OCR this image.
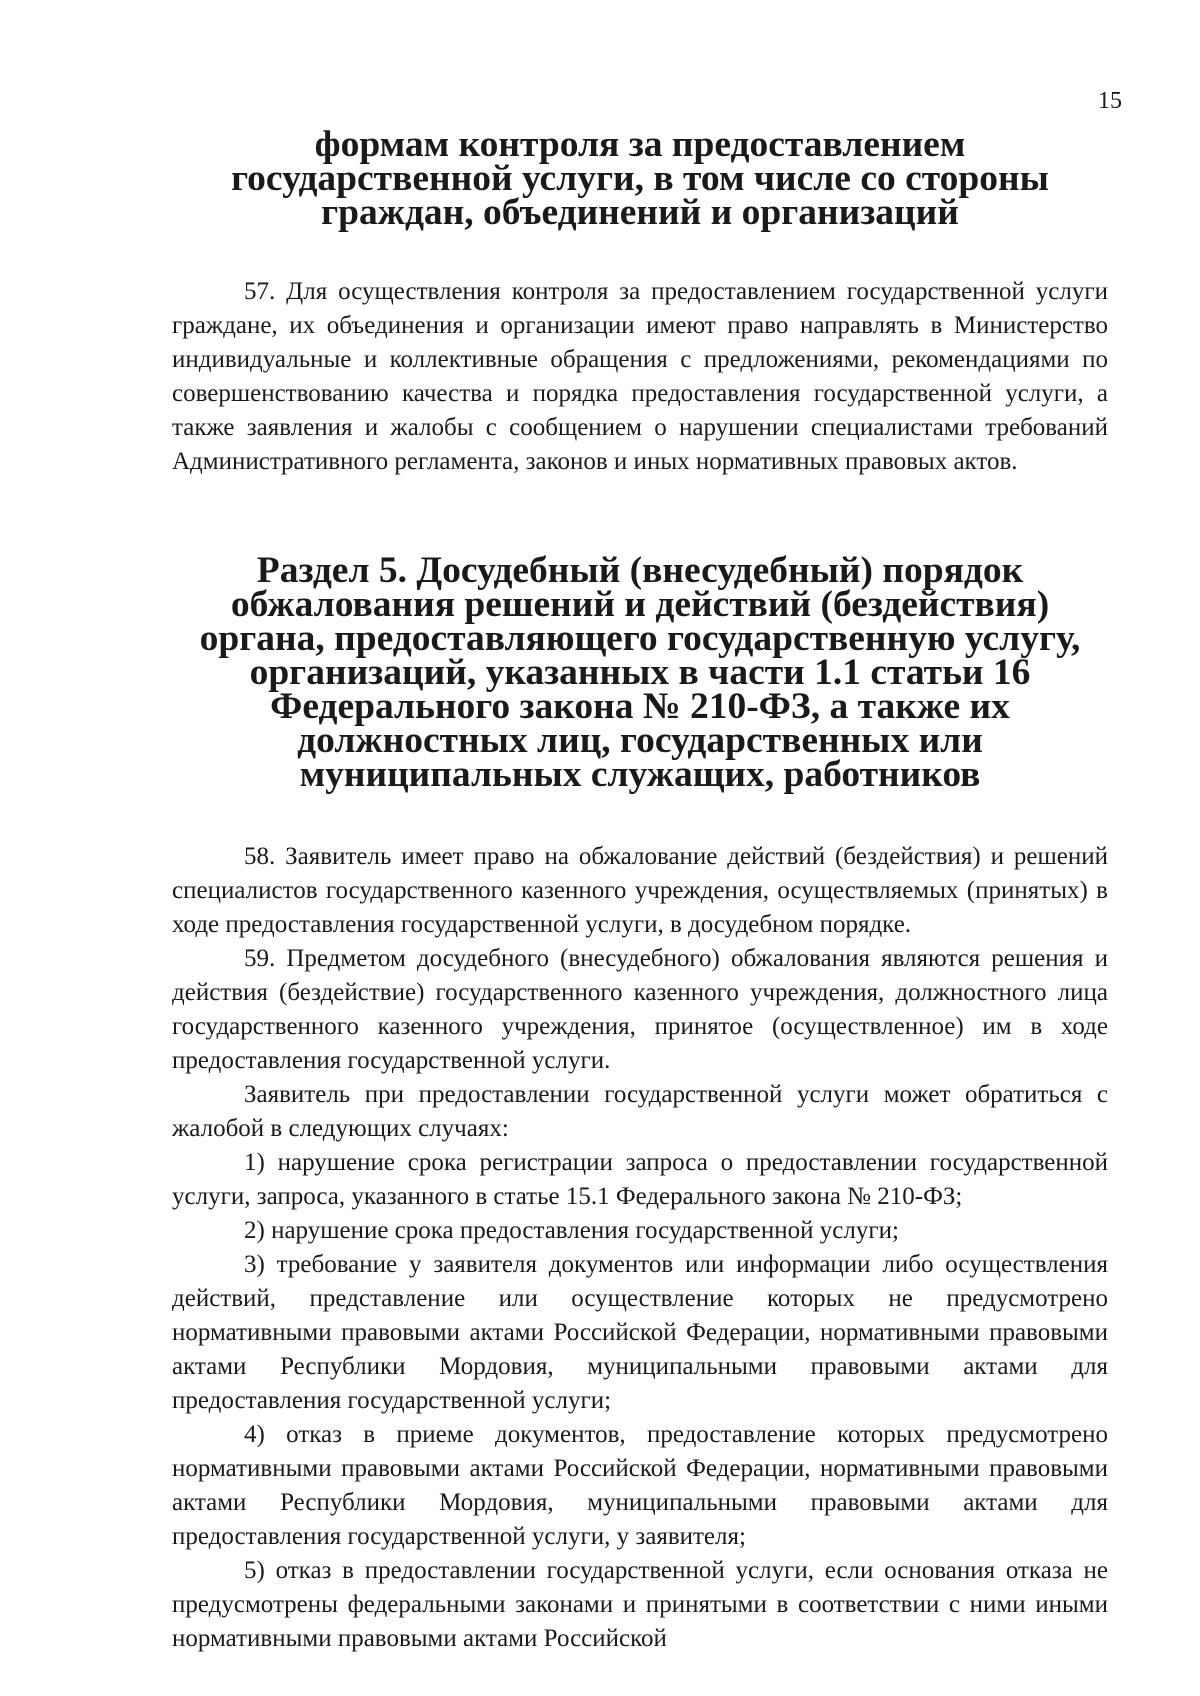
15
формам контроля за предоставлением государственной услуги, в том числе со стороны граждан, объединений и организаций

57. Для осуществления контроля за предоставлением государственной услуги граждане, их объединения и организации имеют право направлять в Министерство индивидуальные и коллективные обращения с предложениями, рекомендациями по совершенствованию качества и порядка предоставления государственной услуги, а также заявления и жалобы с сообщением о нарушении специалистами требований Административного регламента, законов и иных нормативных правовых актов.

Раздел 5. Досудебный (внесудебный) порядок обжалования решений и действий (бездействия) органа, предоставляющего государственную услугу, организаций, указанных в части 1.1 статьи 16 Федерального закона № 210-ФЗ, а также их должностных лиц, государственных или муниципальных служащих, работников

58. Заявитель имеет право на обжалование действий (бездействия) и решений специалистов государственного казенного учреждения, осуществляемых (принятых) в ходе предоставления государственной услуги, в досудебном порядке.

59. Предметом досудебного (внесудебного) обжалования являются решения и действия (бездействие) государственного казенного учреждения, должностного лица государственного казенного учреждения, принятое (осуществленное) им в ходе предоставления государственной услуги.

Заявитель при предоставлении государственной услуги может обратиться с жалобой в следующих случаях:

1) нарушение срока регистрации запроса о предоставлении государственной услуги, запроса, указанного в статье 15.1 Федерального закона № 210-ФЗ;

2) нарушение срока предоставления государственной услуги;

3) требование у заявителя документов или информации либо осуществления действий, представление или осуществление которых не предусмотрено нормативными правовыми актами Российской Федерации, нормативными правовыми актами Республики Мордовия, муниципальными правовыми актами для предоставления государственной услуги;

4) отказ в приеме документов, предоставление которых предусмотрено нормативными правовыми актами Российской Федерации, нормативными правовыми актами Республики Мордовия, муниципальными правовыми актами для предоставления государственной услуги, у заявителя;

5) отказ в предоставлении государственной услуги, если основания отказа не предусмотрены федеральными законами и принятыми в соответствии с ними иными нормативными правовыми актами Российской
